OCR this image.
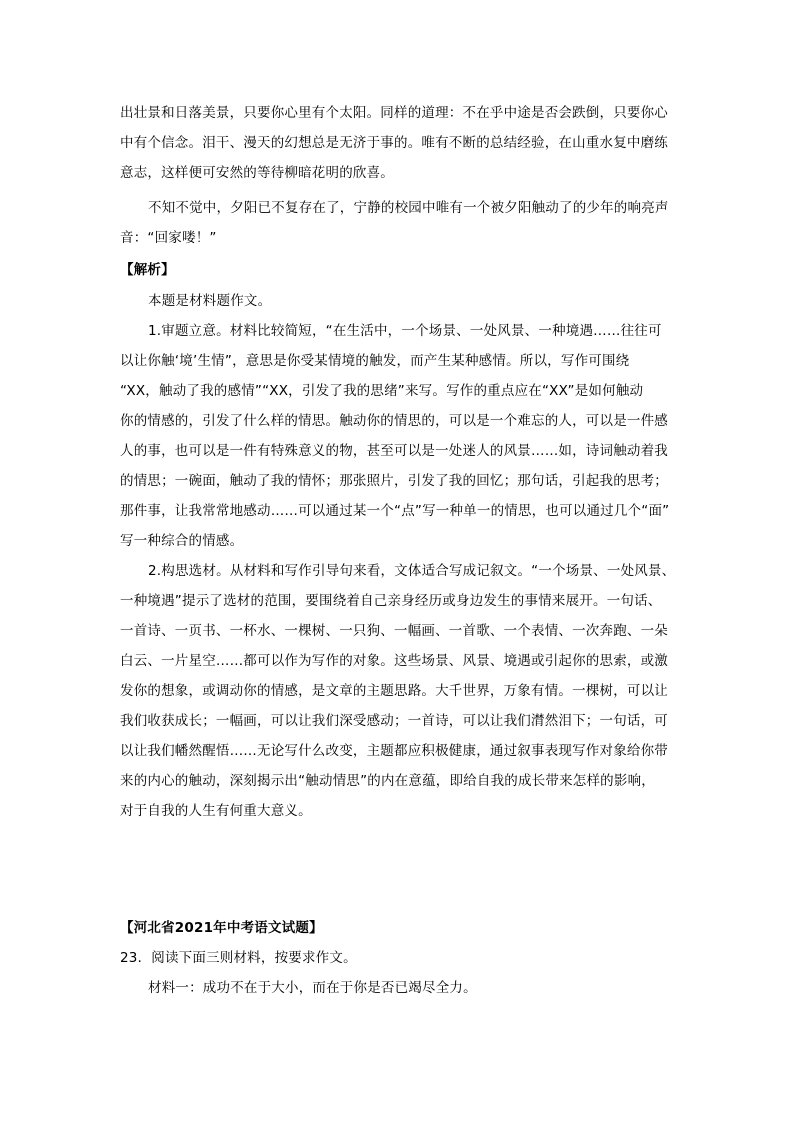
出壮景和日落美景，只要你心里有个太阳。同样的道理：不在乎中途是否会跌倒，只要你心
中有个信念。泪干、漫天的幻想总是无济于事的。唯有不断的总结经验，在山重水复中磨练
意志，这样便可安然的等待柳暗花明的欣喜。
不知不觉中，夕阳已不复存在了，宁静的校园中唯有一个被夕阳触动了的少年的响亮声
音：“回家喽！”
【解析】
本题是材料题作文。
1.审题立意。材料比较简短，“在生活中，一个场景、一处风景、一种境遇……往往可
以让你触‘境’生情”，意思是你受某情境的触发，而产生某种感情。所以，写作可围绕
“XX，触动了我的感情”“XX，引发了我的思绪”来写。写作的重点应在“XX”是如何触动
你的情感的，引发了什么样的情思。触动你的情思的，可以是一个难忘的人，可以是一件感
人的事，也可以是一件有特殊意义的物，甚至可以是一处迷人的风景……如，诗词触动着我
的情思；一碗面，触动了我的情怀；那张照片，引发了我的回忆；那句话，引起我的思考；
那件事，让我常常地感动……可以通过某一个“点”写一种单一的情思，也可以通过几个“面”
写一种综合的情感。
2.构思选材。从材料和写作引导句来看，文体适合写成记叙文。“一个场景、一处风景、
一种境遇”提示了选材的范围，要围绕着自己亲身经历或身边发生的事情来展开。一句话、
一首诗、一页书、一杯水、一棵树、一只狗、一幅画、一首歌、一个表情、一次奔跑、一朵
白云、一片星空……都可以作为写作的对象。这些场景、风景、境遇或引起你的思索，或激
发你的想象，或调动你的情感，是文章的主题思路。大千世界，万象有情。一棵树，可以让
我们收获成长；一幅画，可以让我们深受感动；一首诗，可以让我们潸然泪下；一句话，可
以让我们幡然醒悟……无论写什么改变，主题都应积极健康，通过叙事表现写作对象给你带
来的内心的触动，深刻揭示出“触动情思”的内在意蕴，即给自我的成长带来怎样的影响，
对于自我的人生有何重大意义。
【河北省2021年中考语文试题】
23．阅读下面三则材料，按要求作文。
材料一：成功不在于大小，而在于你是否已竭尽全力。
